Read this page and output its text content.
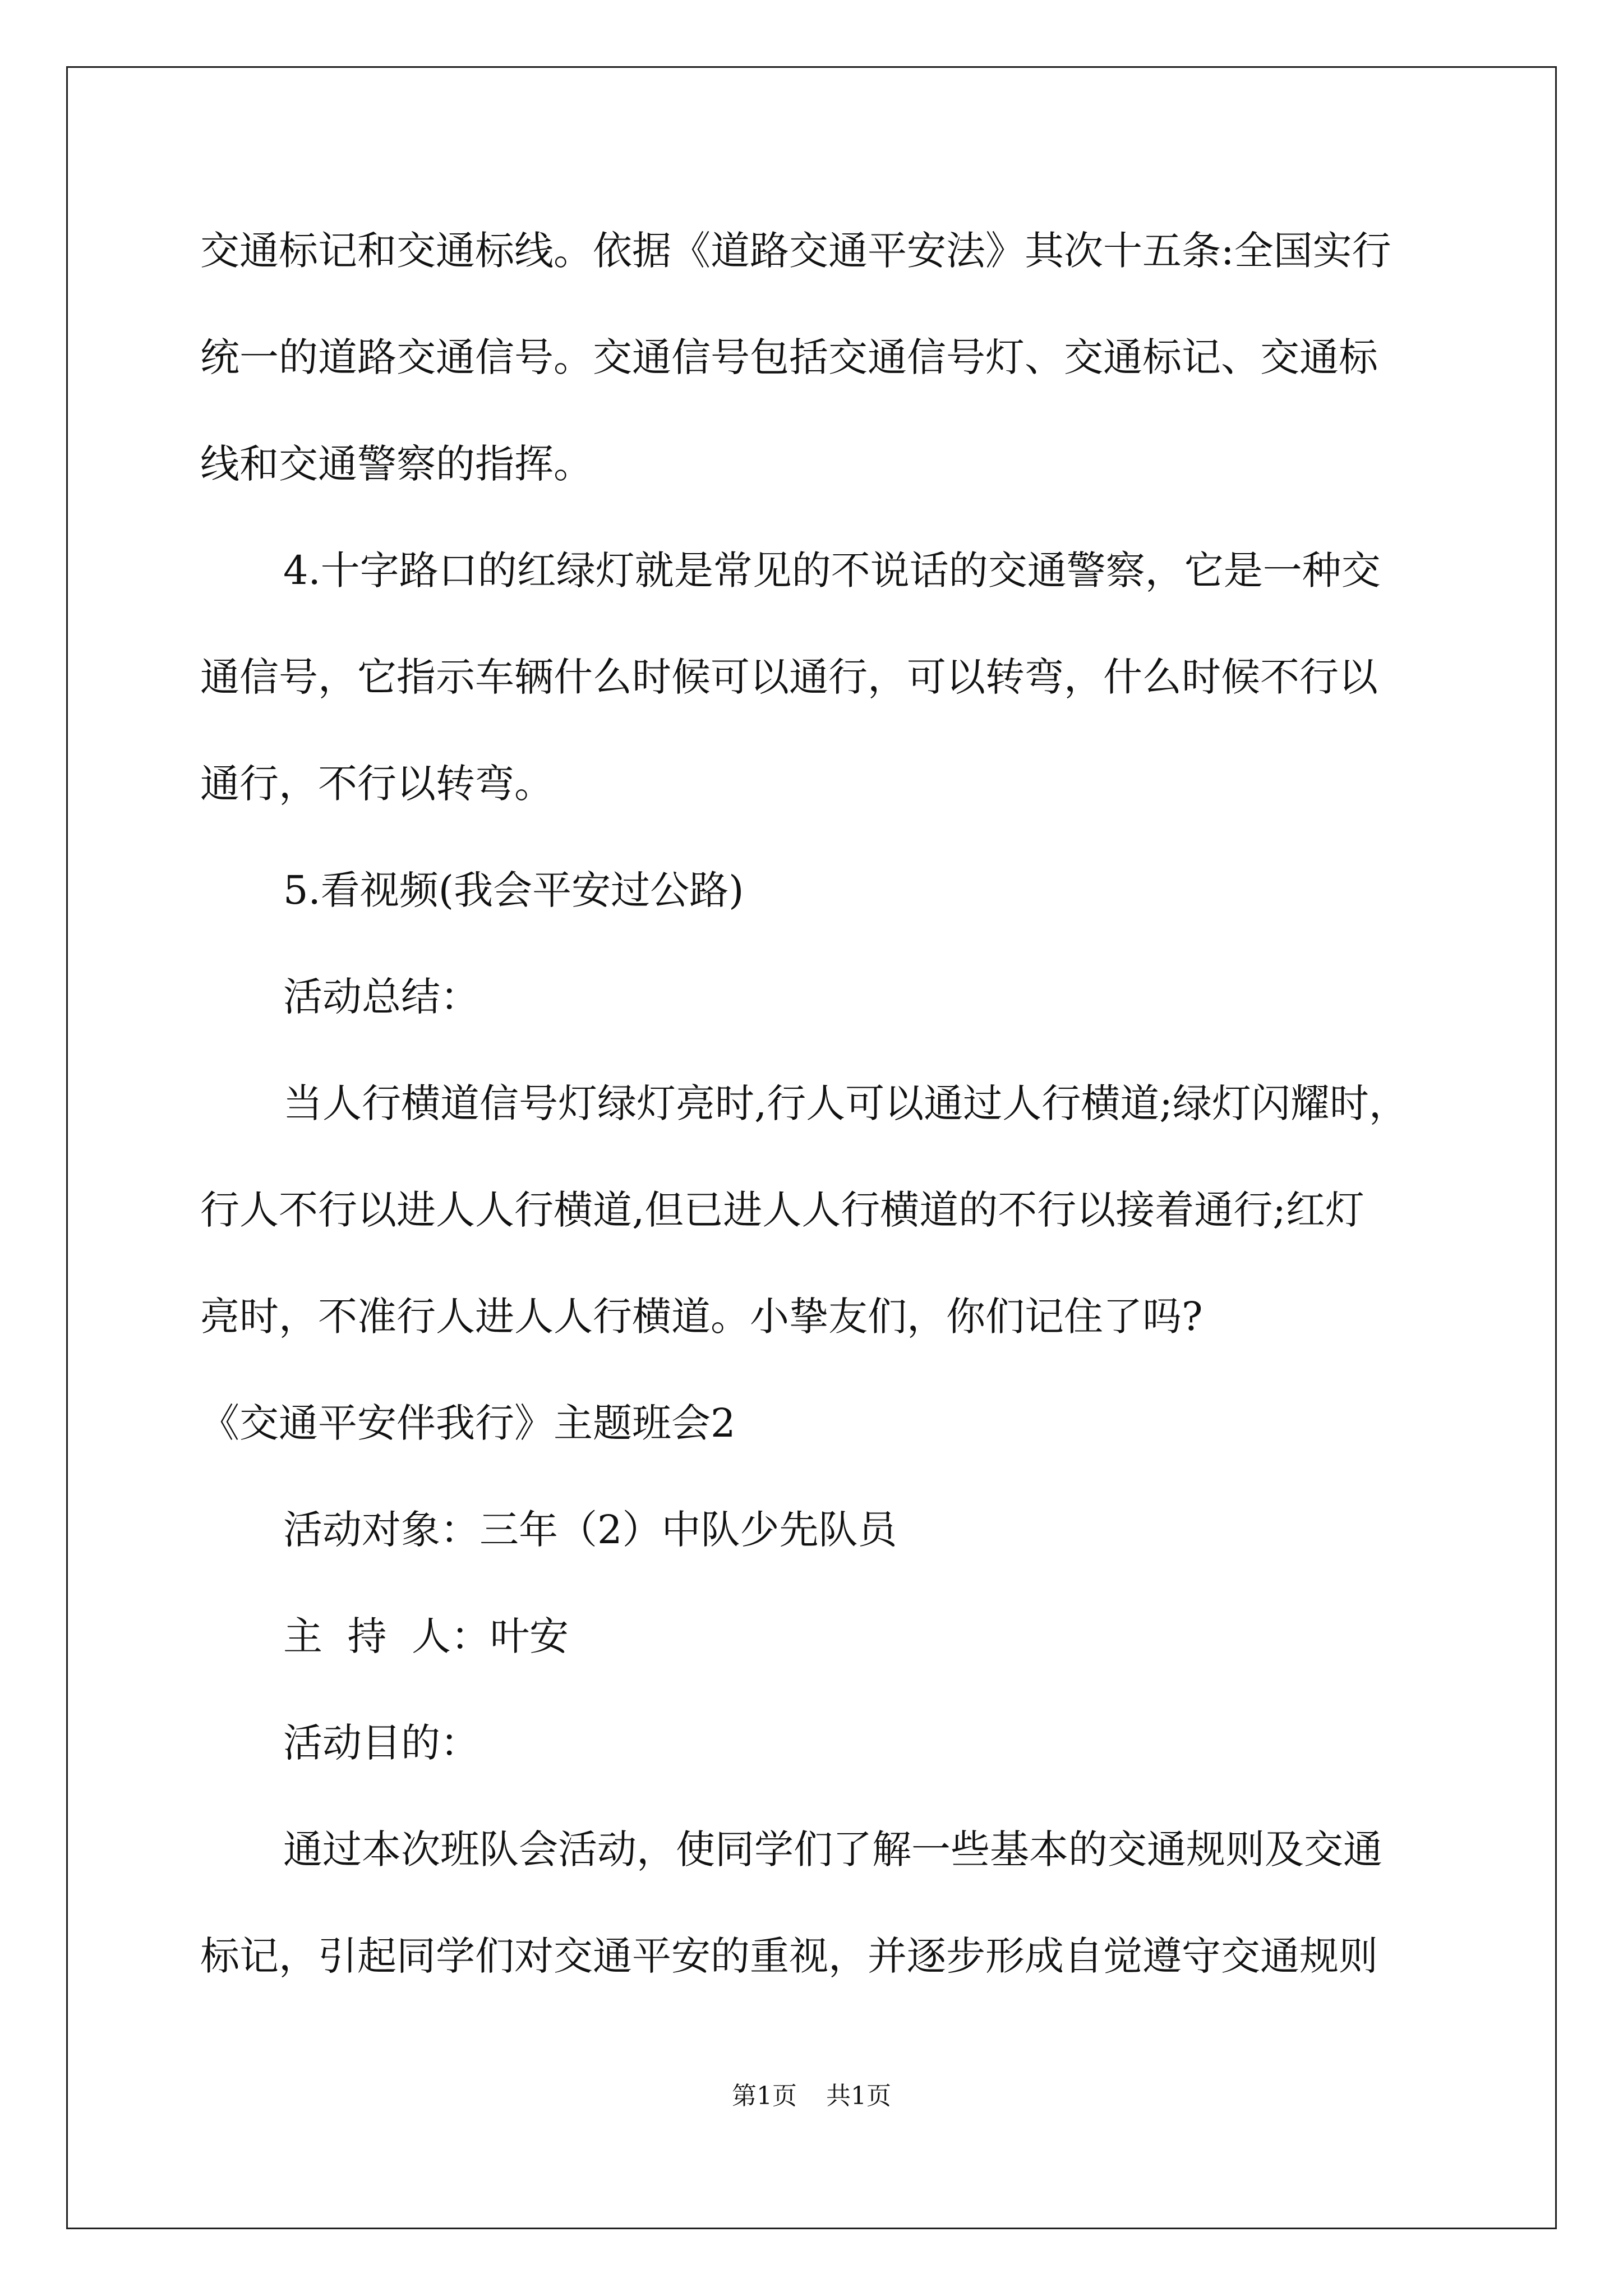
交通标记和交通标线。依据《道路交通平安法》其次十五条:全国实行
统一的道路交通信号。交通信号包括交通信号灯、交通标记、交通标
线和交通警察的指挥。
4.十字路口的红绿灯就是常见的不说话的交通警察，它是一种交
通信号，它指示车辆什么时候可以通行，可以转弯，什么时候不行以
通行，不行以转弯。
5.看视频(我会平安过公路)
活动总结：
当人行横道信号灯绿灯亮时,行人可以通过人行横道;绿灯闪耀时，
行人不行以进人人行横道,但已进人人行横道的不行以接着通行;红灯
亮时，不准行人进人人行横道。小挚友们，你们记住了吗?
《交通平安伴我行》主题班会2
活动对象：三年（2）中队少先队员
主  持  人：叶安
活动目的：
通过本次班队会活动，使同学们了解一些基本的交通规则及交通
标记，引起同学们对交通平安的重视，并逐步形成自觉遵守交通规则
第1页 共1页
